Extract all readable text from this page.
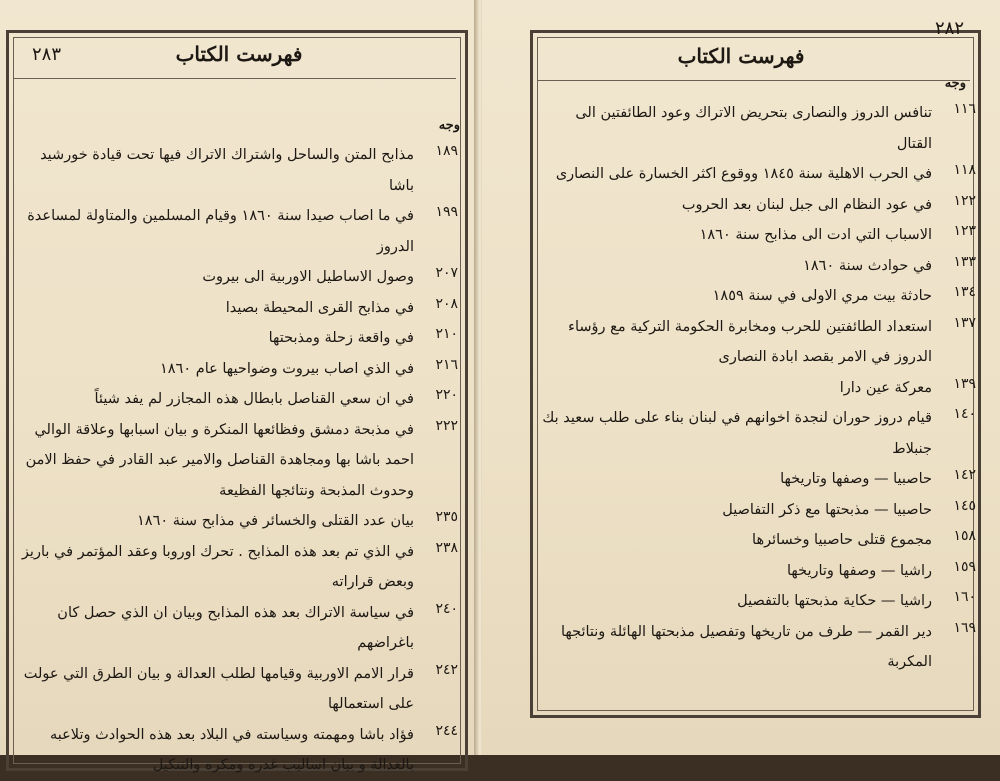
فهرست الكتاب
٢٨٣
وجه
١٨٩
مذابح المتن والساحل واشتراك الاتراك فيها تحت قيادة خورشيد باشا
١٩٩
في ما اصاب صيدا سنة ١٨٦٠ وقيام المسلمين والمتاولة لمساعدة الدروز
٢٠٧
وصول الاساطيل الاوربية الى بيروت
٢٠٨
في مذابح القرى المحيطة بصيدا
٢١٠
في واقعة زحلة ومذبحتها
٢١٦
في الذي اصاب بيروت وضواحيها عام ١٨٦٠
٢٢٠
في ان سعي القناصل بابطال هذه المجازر لم يفد شيئاً
٢٢٢
في مذبحة دمشق وفظائعها المنكرة و بيان اسبابها وعلاقة الوالي احمد باشا بها ومجاهدة القناصل والامير عبد القادر في حفظ الامن وحدوث المذبحة ونتائجها الفظيعة
٢٣٥
بيان عدد القتلى والخسائر في مذابح سنة ١٨٦٠
٢٣٨
في الذي تم بعد هذه المذابح . تحرك اوروبا وعقد المؤتمر في باريز وبعض قراراته
٢٤٠
في سياسة الاتراك بعد هذه المذابح وبيان ان الذي حصل كان باغراضهم
٢٤٢
قرار الامم الاوربية وقيامها لطلب العدالة و بيان الطرق التي عولت على استعمالها
٢٤٤
فؤاد باشا ومهمته وسياسته في البلاد بعد هذه الحوادث وتلاعبه بالعدالة و بيان اساليب غدره ومكره والتنكيل
فهرست الكتاب
٢٨٢
وجه
١١٦
تنافس الدروز والنصارى بتحريض الاتراك وعود الطائفتين الى القتال
١١٨
في الحرب الاهلية سنة ١٨٤٥ ووقوع اكثر الخسارة على النصارى
١٢٢
في عود النظام الى جبل لبنان بعد الحروب
١٢٣
الاسباب التي ادت الى مذابح سنة ١٨٦٠
١٣٣
في حوادث سنة ١٨٦٠
١٣٤
حادثة بيت مري الاولى في سنة ١٨٥٩
١٣٧
استعداد الطائفتين للحرب ومخابرة الحكومة التركية مع رؤساء الدروز في الامر بقصد ابادة النصارى
١٣٩
معركة عين دارا
١٤٠
قيام دروز حوران لنجدة اخوانهم في لبنان بناء على طلب سعيد بك جنبلاط
١٤٢
حاصبيا — وصفها وتاريخها
١٤٥
حاصبيا — مذبحتها مع ذكر التفاصيل
١٥٨
مجموع قتلى حاصبيا وخسائرها
١٥٩
راشيا — وصفها وتاريخها
١٦٠
راشيا — حكاية مذبحتها بالتفصيل
١٦٩
دير القمر — طرف من تاريخها وتفصيل مذبحتها الهائلة ونتائجها المكربة
